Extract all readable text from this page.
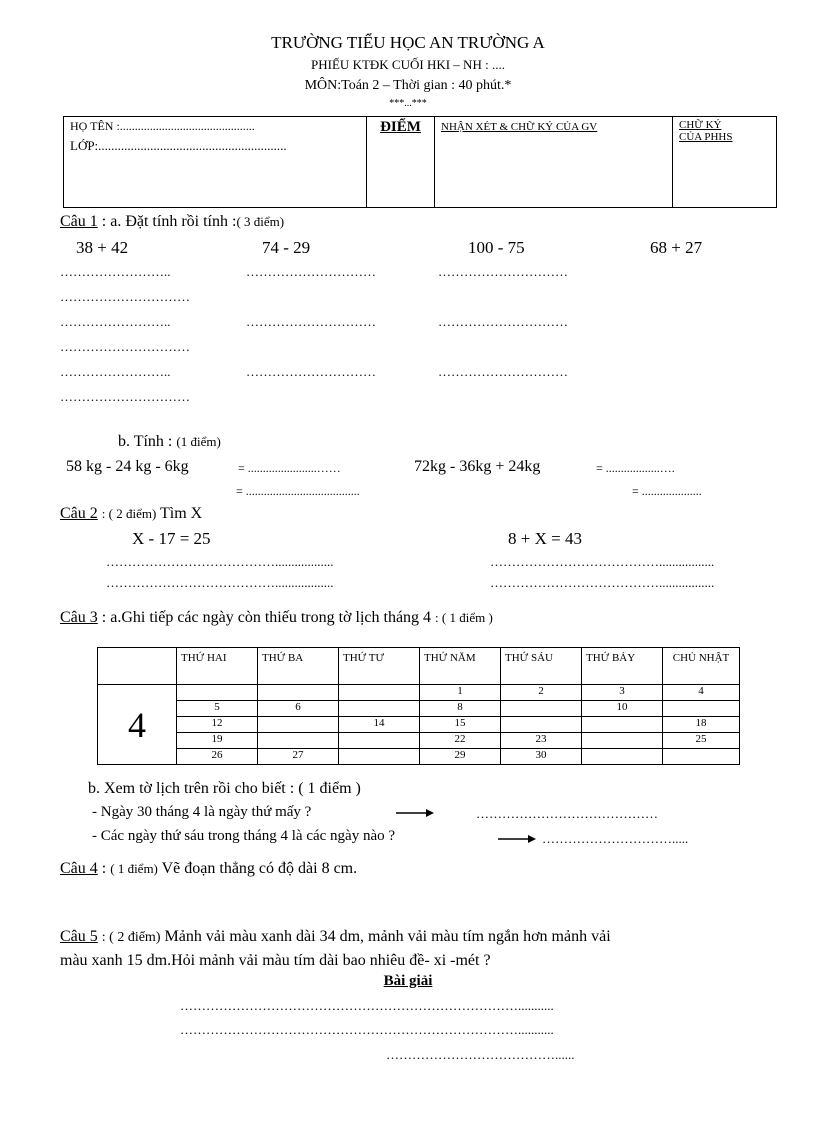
TRƯỜNG TIỂU HỌC AN TRƯỜNG A
PHIẾU KTĐK CUỐI HKI – NH : ....
MÔN:Toán 2 – Thời gian : 40 phút.*
***...***
HỌ TÊN :.............................................
LỚP:..........................................................
	ĐIỂM	NHẬN XÉT & CHỮ KÝ CỦA GV	CHỮ KÝ
CỦA PHHS
Câu 1 : a. Đặt tính rồi tính :( 3 điểm)
38 + 42	74 - 29	100 - 75	68 + 27
……………………..	…………………………	…………………………
…………………………
……………………..	…………………………	…………………………
…………………………
……………………..	…………………………	…………………………
…………………………
b. Tính : (1 điểm)
58 kg - 24 kg - 6kg	= .......................……
= ......................................
72kg - 36kg + 24kg	= ..................….
= ....................
Câu 2 : ( 2 điểm) Tìm X
X - 17 = 25	8 + X = 43
…………………………………..................
…………………………………..................
………………………………….................
………………………………….................
Câu 3 : a.Ghi tiếp các ngày còn thiếu trong tờ lịch tháng 4 : ( 1 điểm )
	THỨ HAI	THỨ BA	THỨ TƯ	THỨ NĂM	THỨ SÁU	THỨ BẢY	CHỦ NHẬT
4				1	2	3	4
	5	6		8		10	
	12		14	15			18
	19			22	23		25
	26	27		29	30		
b. Xem tờ lịch trên rồi cho biết : ( 1 điểm )
- Ngày 30 tháng 4 là ngày thứ mấy ?	……………………………………
- Các ngày thứ sáu trong tháng 4 là các ngày nào ?	………………………….....
Câu 4 : ( 1 điểm) Vẽ đoạn thẳng có độ dài 8 cm.
Câu 5 : ( 2 điểm) Mảnh vải màu xanh dài 34 dm, mảnh vải màu tím ngắn hơn mảnh vải
màu xanh 15 dm.Hỏi mảnh vải màu tím dài bao nhiêu đề- xi -mét ?
Bài giải
……………………………………………………………………...........
……………………………………………………………………...........
…………………………………......
